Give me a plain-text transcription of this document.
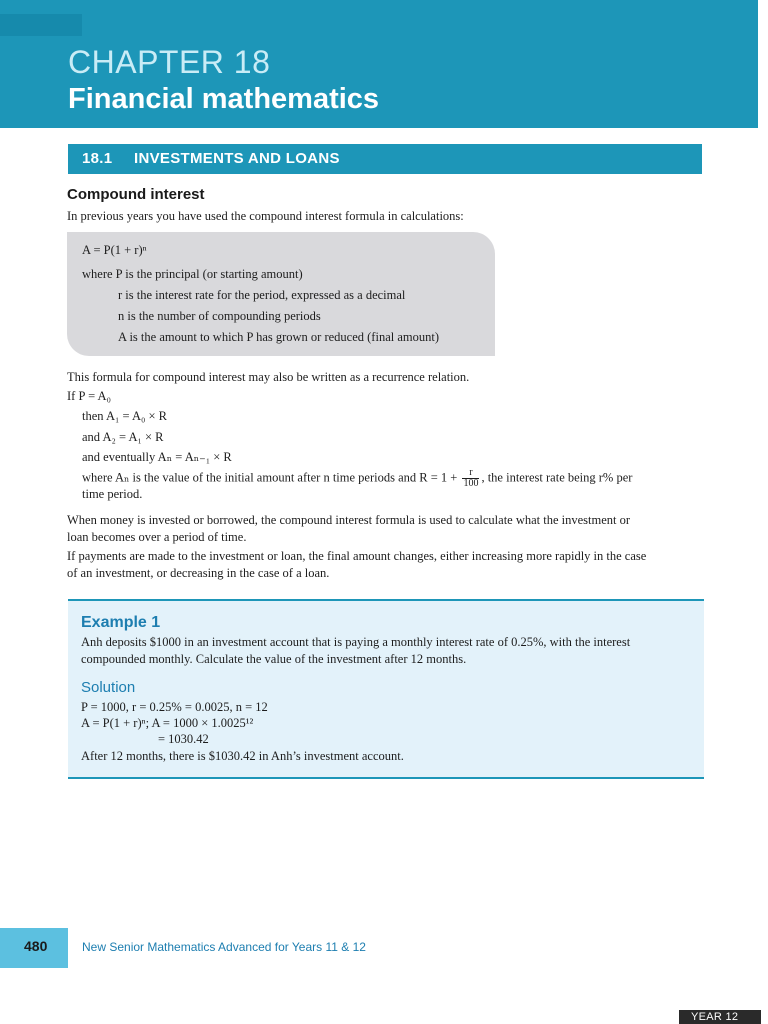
CHAPTER 18
Financial mathematics
18.1 INVESTMENTS AND LOANS
Compound interest
In previous years you have used the compound interest formula in calculations:
A = P(1 + r)ⁿ
where P is the principal (or starting amount)
r is the interest rate for the period, expressed as a decimal
n is the number of compounding periods
A is the amount to which P has grown or reduced (final amount)
This formula for compound interest may also be written as a recurrence relation.
If P = A₀
then A₁ = A₀ × R
and A₂ = A₁ × R
and eventually Aₙ = Aₙ₋₁ × R
where Aₙ is the value of the initial amount after n time periods and $R = 1 + \frac{r}{100}$ , the interest rate being r% per
time period.
When money is invested or borrowed, the compound interest formula is used to calculate what the investment or
loan becomes over a period of time.
If payments are made to the investment or loan, the final amount changes, either increasing more rapidly in the case
of an investment, or decreasing in the case of a loan.
Example 1
Anh deposits $1000 in an investment account that is paying a monthly interest rate of 0.25%, with the interest
compounded monthly. Calculate the value of the investment after 12 months.
Solution
P = 1000, r = 0.25% = 0.0025, n = 12
A = P(1 + r)ⁿ; A = 1000 × 1.0025¹²
= 1030.42
After 12 months, there is $1030.42 in Anh’s investment account.
480	New Senior Mathematics Advanced for Years 11 & 12
YEAR 12
